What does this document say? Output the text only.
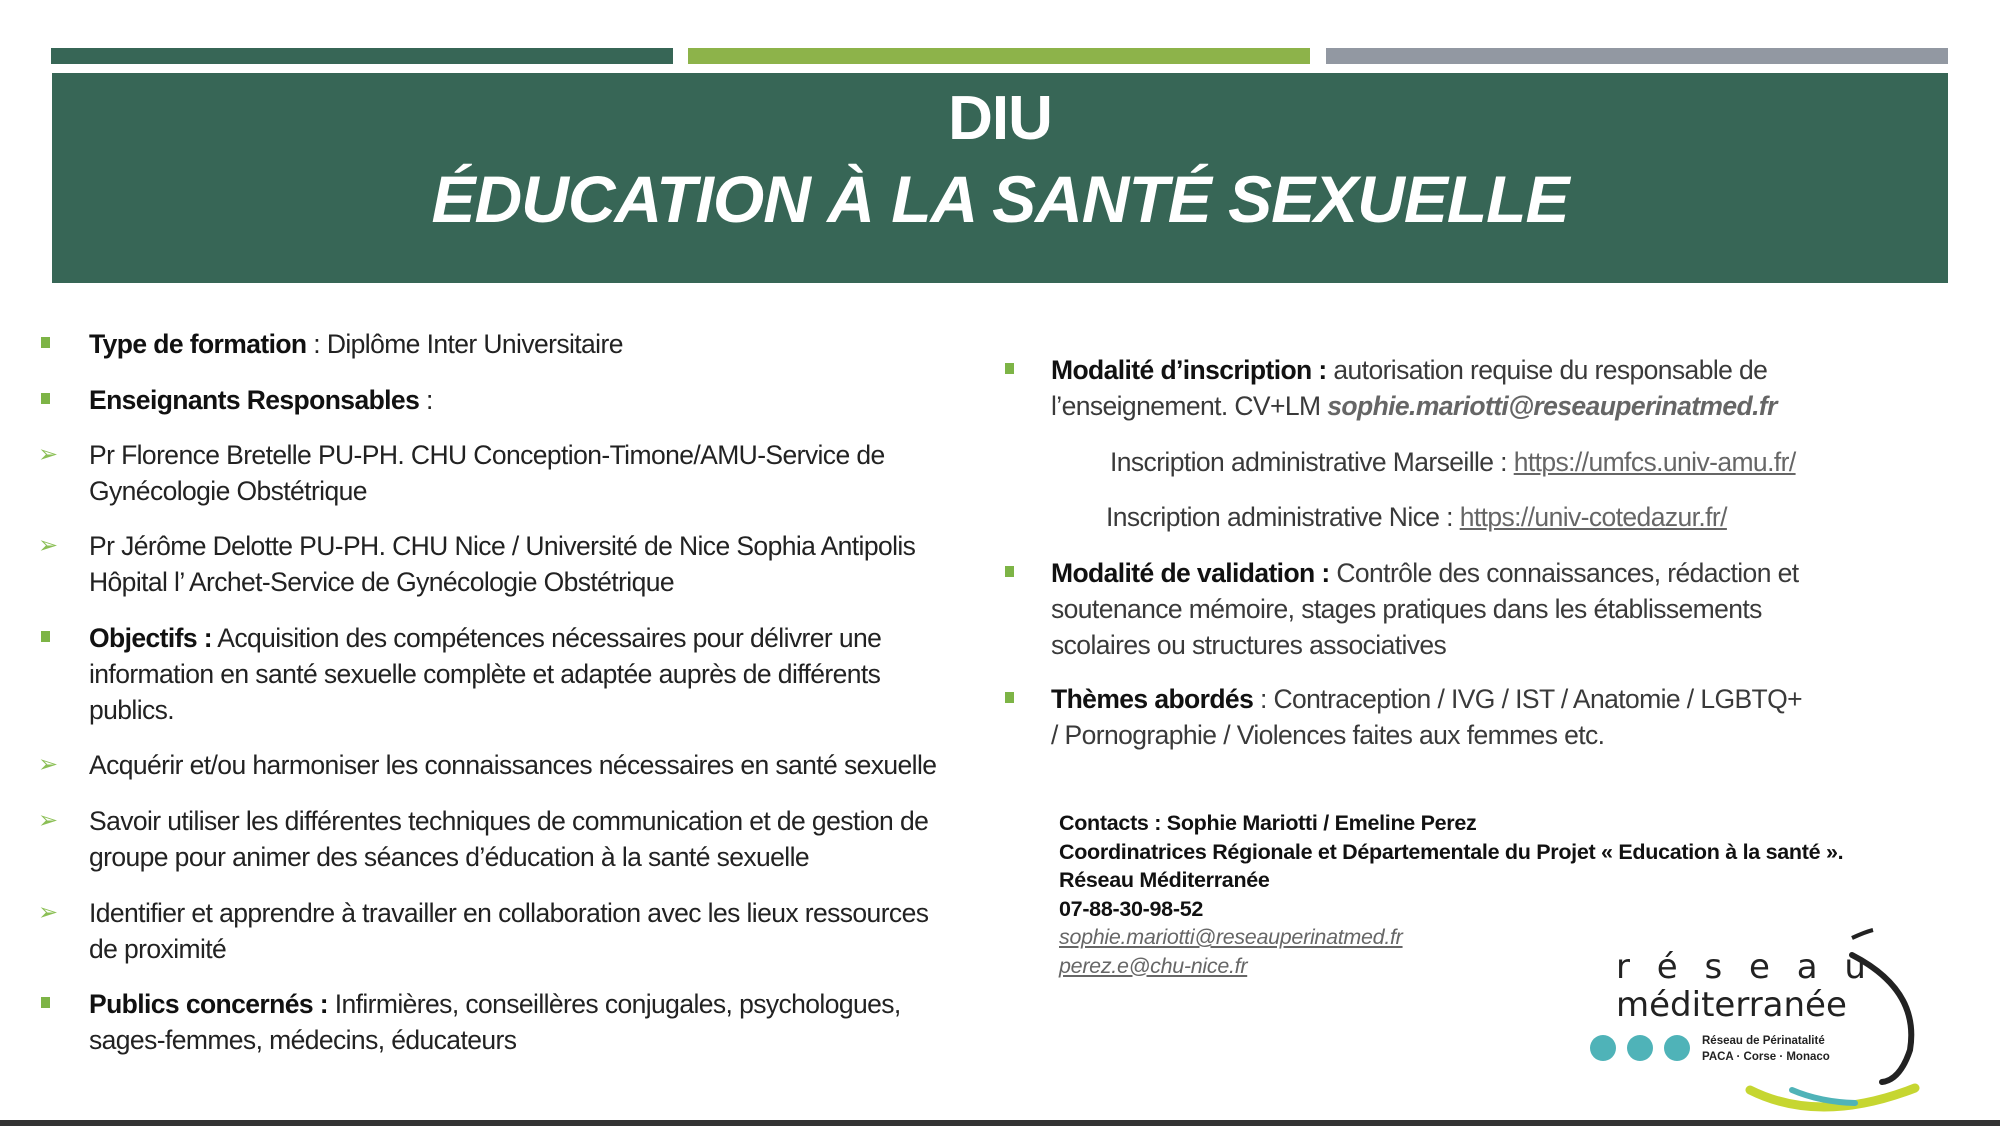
DIU
ÉDUCATION À LA SANTÉ SEXUELLE
Type de formation : Diplôme Inter Universitaire
Enseignants Responsables :
➢ Pr Florence Bretelle PU-PH. CHU Conception-Timone/AMU-Service de
Gynécologie Obstétrique
➢ Pr Jérôme Delotte PU-PH. CHU Nice / Université de Nice Sophia Antipolis
Hôpital l’ Archet-Service de Gynécologie Obstétrique
Objectifs : Acquisition des compétences nécessaires pour délivrer une
information en santé sexuelle complète et adaptée auprès de différents
publics.
➢ Acquérir et/ou harmoniser les connaissances nécessaires en santé sexuelle
➢ Savoir utiliser les différentes techniques de communication et de gestion de
groupe pour animer des séances d’éducation à la santé sexuelle
➢ Identifier et apprendre à travailler en collaboration avec les lieux ressources
de proximité
Publics concernés : Infirmières, conseillères conjugales, psychologues,
sages-femmes, médecins, éducateurs
Modalité d’inscription : autorisation requise du responsable de
l’enseignement. CV+LM sophie.mariotti@reseauperinatmed.fr
Inscription administrative Marseille : https://umfcs.univ-amu.fr/
Inscription administrative Nice : https://univ-cotedazur.fr/
Modalité de validation : Contrôle des connaissances, rédaction et
soutenance mémoire, stages pratiques dans les établissements
scolaires ou structures associatives
Thèmes abordés : Contraception / IVG / IST / Anatomie / LGBTQ+
/ Pornographie / Violences faites aux femmes etc.
Contacts : Sophie Mariotti / Emeline Perez
Coordinatrices Régionale et Départementale du Projet « Education à la santé ».
Réseau Méditerranée
07-88-30-98-52
sophie.mariotti@reseauperinatmed.fr
perez.e@chu-nice.fr	r é s e a u
méditerranée
Réseau de Périnatalité
PACA · Corse · Monaco
